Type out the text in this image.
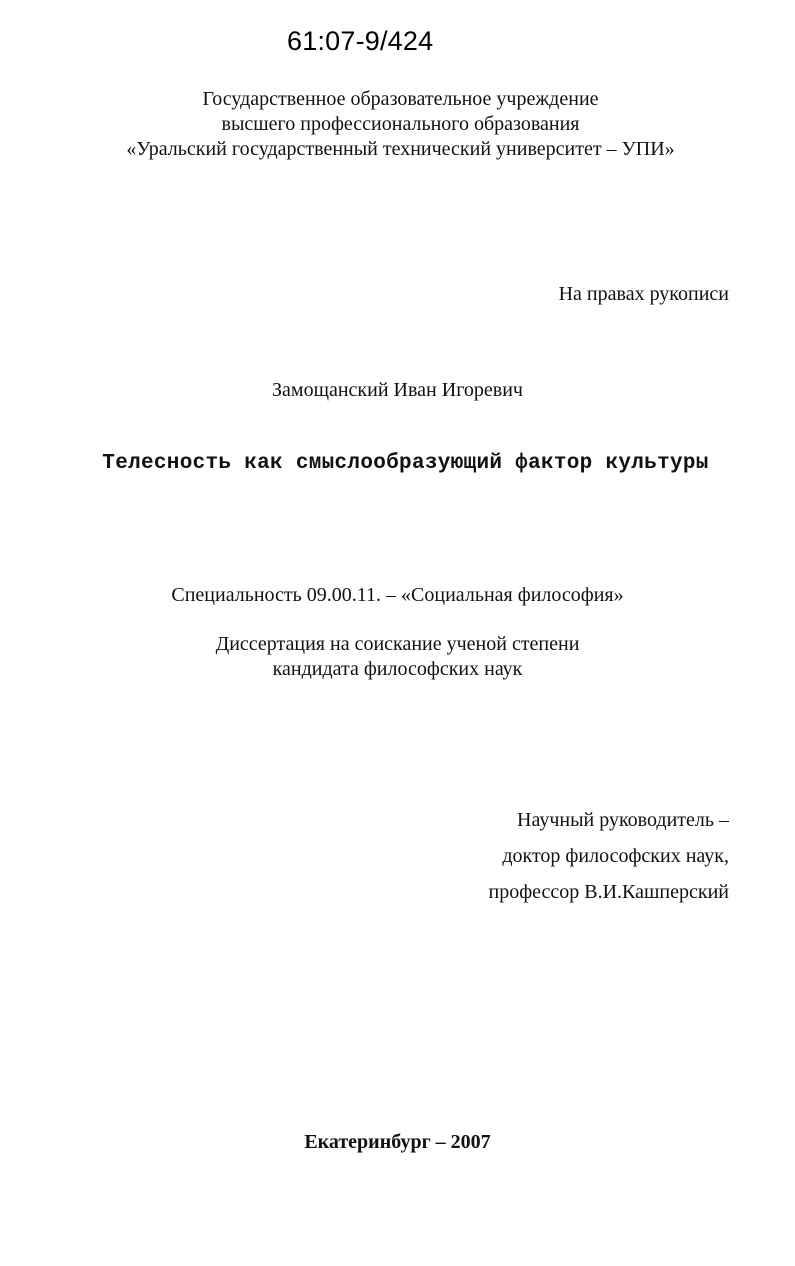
61:07-9/424
Государственное образовательное учреждение
высшего профессионального образования
«Уральский государственный технический университет – УПИ»
На правах рукописи
Замощанский Иван Игоревич
Телесность как смыслообразующий фактор культуры
Специальность 09.00.11. – «Социальная философия»
Диссертация на соискание ученой степени
кандидата философских наук
Научный руководитель –
доктор философских наук,
профессор В.И.Кашперский
Екатеринбург – 2007
